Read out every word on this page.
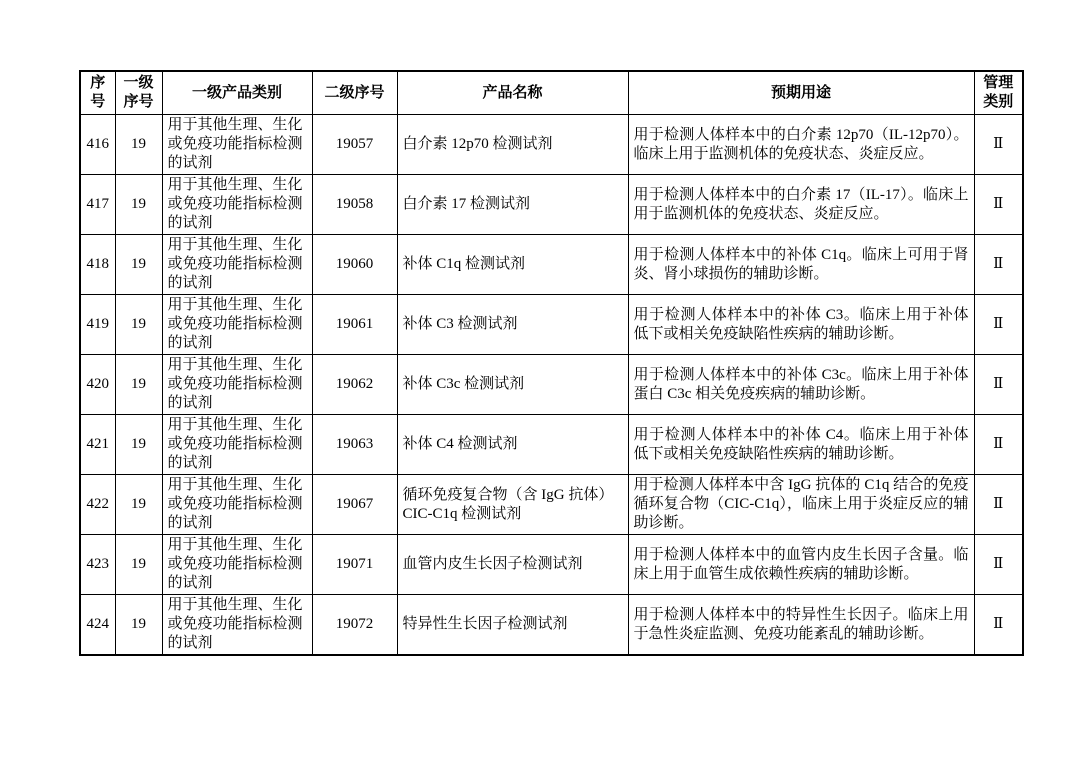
序号	一级序号	一级产品类别	二级序号	产品名称	预期用途	管理类别
416	19	用于其他生理、生化或免疫功能指标检测的试剂	19057	白介素 12p70 检测试剂	用于检测人体样本中的白介素 12p70（IL-12p70）。临床上用于监测机体的免疫状态、炎症反应。	Ⅱ
417	19	用于其他生理、生化或免疫功能指标检测的试剂	19058	白介素 17 检测试剂	用于检测人体样本中的白介素 17（IL-17）。临床上用于监测机体的免疫状态、炎症反应。	Ⅱ
418	19	用于其他生理、生化或免疫功能指标检测的试剂	19060	补体 C1q 检测试剂	用于检测人体样本中的补体 C1q。临床上可用于肾炎、肾小球损伤的辅助诊断。	Ⅱ
419	19	用于其他生理、生化或免疫功能指标检测的试剂	19061	补体 C3 检测试剂	用于检测人体样本中的补体 C3。临床上用于补体低下或相关免疫缺陷性疾病的辅助诊断。	Ⅱ
420	19	用于其他生理、生化或免疫功能指标检测的试剂	19062	补体 C3c 检测试剂	用于检测人体样本中的补体 C3c。临床上用于补体蛋白 C3c 相关免疫疾病的辅助诊断。	Ⅱ
421	19	用于其他生理、生化或免疫功能指标检测的试剂	19063	补体 C4 检测试剂	用于检测人体样本中的补体 C4。临床上用于补体低下或相关免疫缺陷性疾病的辅助诊断。	Ⅱ
422	19	用于其他生理、生化或免疫功能指标检测的试剂	19067	循环免疫复合物（含 IgG 抗体）CIC-C1q 检测试剂	用于检测人体样本中含 IgG 抗体的 C1q 结合的免疫循环复合物（CIC-C1q），临床上用于炎症反应的辅助诊断。	Ⅱ
423	19	用于其他生理、生化或免疫功能指标检测的试剂	19071	血管内皮生长因子检测试剂	用于检测人体样本中的血管内皮生长因子含量。临床上用于血管生成依赖性疾病的辅助诊断。	Ⅱ
424	19	用于其他生理、生化或免疫功能指标检测的试剂	19072	特异性生长因子检测试剂	用于检测人体样本中的特异性生长因子。临床上用于急性炎症监测、免疫功能紊乱的辅助诊断。	Ⅱ
